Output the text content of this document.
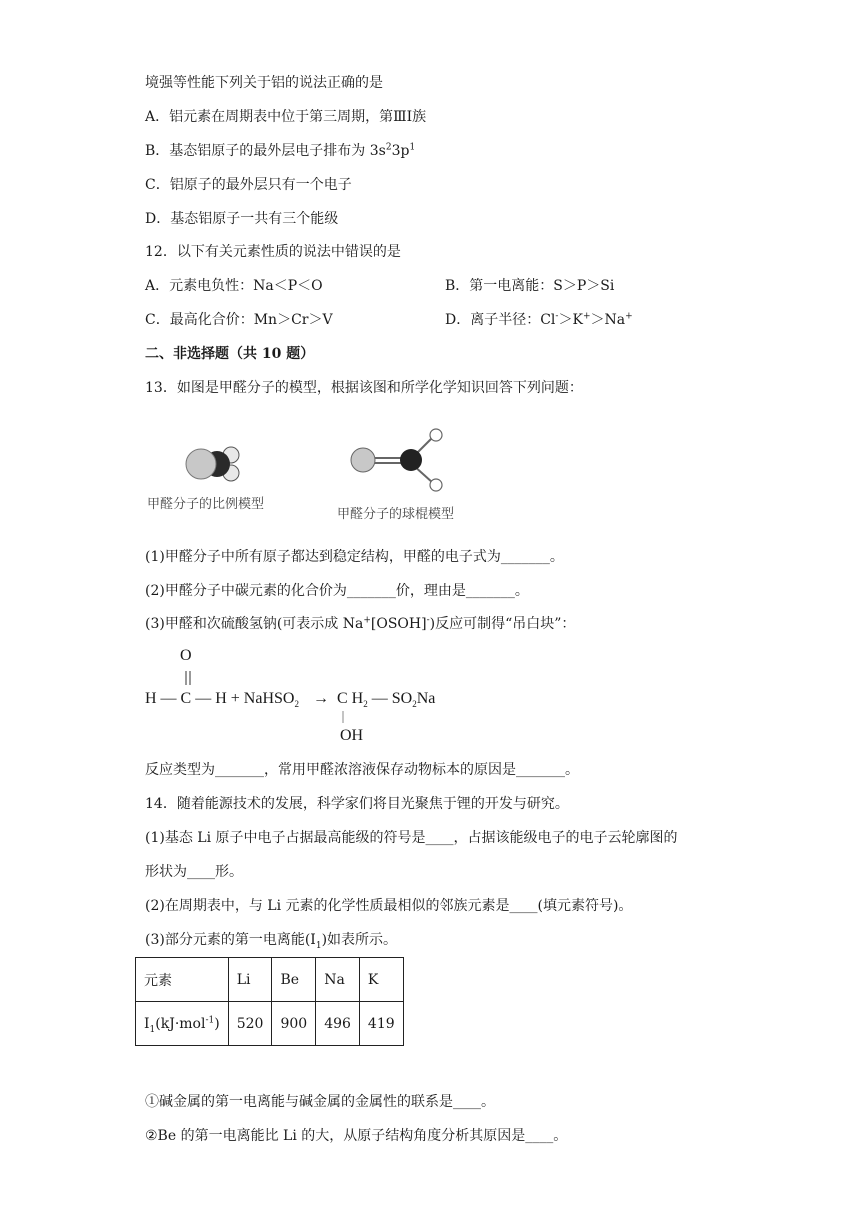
境强等性能下列关于铝的说法正确的是
A．铝元素在周期表中位于第三周期，第ⅢI族
B．基态铝原子的最外层电子排布为 $3s^23p^1$
C．铝原子的最外层只有一个电子
D．基态铝原子一共有三个能级
12．以下有关元素性质的说法中错误的是
A．元素电负性：Na＜P＜O	B．第一电离能：S＞P＞Si
C．最高化合价：Mn＞Cr＞V	D．离子半径：Cl-＞K+＞Na+
二、非选择题（共 10 题）
13．如图是甲醛分子的模型，根据该图和所学化学知识回答下列问题：
甲醛分子的比例模型
甲醛分子的球棍模型
(1)甲醛分子中所有原子都达到稳定结构，甲醛的电子式为_______。
(2)甲醛分子中碳元素的化合价为_______价，理由是_______。
(3)甲醛和次硫酸氢钠(可表示成 Na+[OSOH]-)反应可制得“吊白块”：
O
H — C — H + NaHSO$_2$ → C $H_2$ — $SO_2Na$
OH
反应类型为_______，常用甲醛浓溶液保存动物标本的原因是_______。
14．随着能源技术的发展，科学家们将目光聚焦于锂的开发与研究。
(1)基态 Li 原子中电子占据最高能级的符号是____，占据该能级电子的电子云轮廓图的
形状为____形。
(2)在周期表中，与 Li 元素的化学性质最相似的邻族元素是____(填元素符号)。
(3)部分元素的第一电离能$(I_1)$如表所示。
元素	Li	Be	Na	K
$I_1(kJ\cdot mol^{-1})$	520	900	496	419
①碱金属的第一电离能与碱金属的金属性的联系是____。
②Be 的第一电离能比 Li 的大，从原子结构角度分析其原因是____。
